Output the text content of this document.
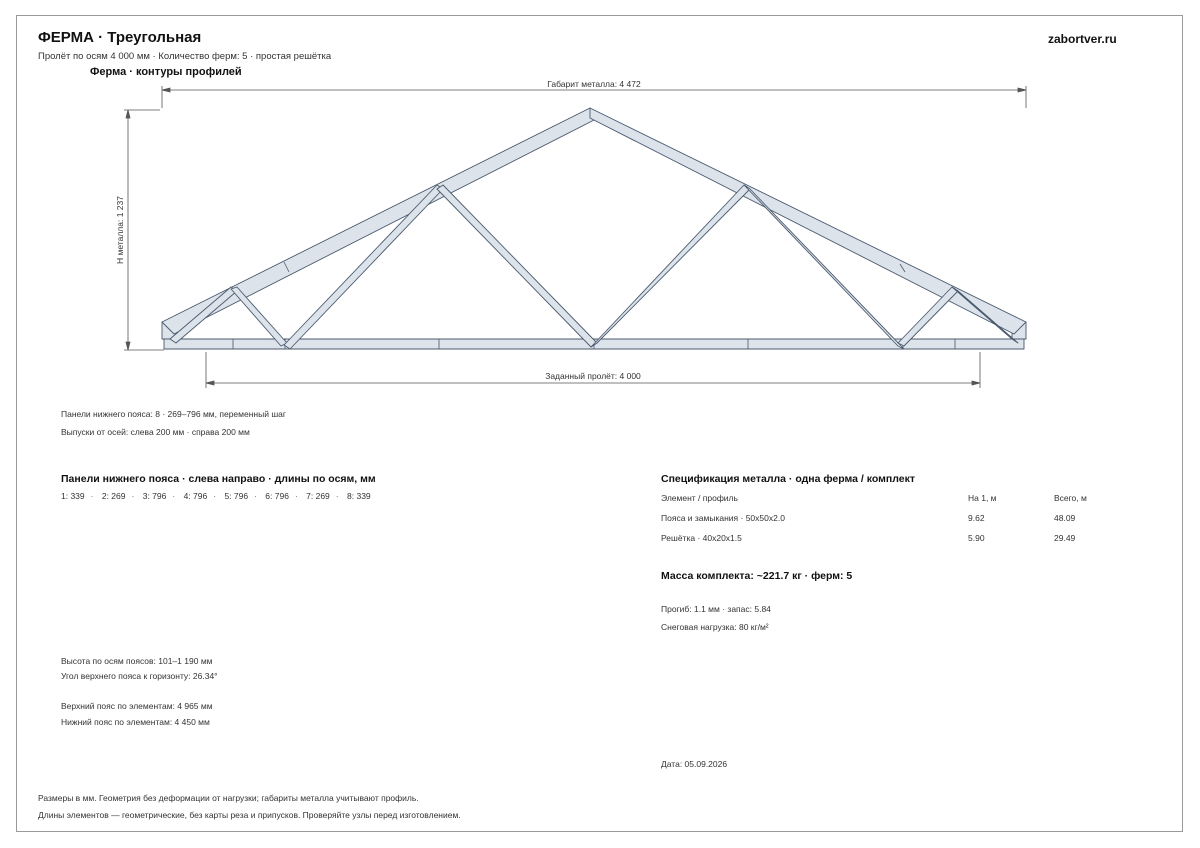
ФЕРМА · Треугольная
Пролёт по осям 4 000 мм · Количество ферм: 5 · простая решётка
zabortver.ru
Ферма · контуры профилей
Габарит металла: 4 472
H металла: 1 237
Заданный пролёт: 4 000
Панели нижнего пояса: 8 · 269–796 мм, переменный шаг
Выпуски от осей: слева 200 мм · справа 200 мм
Панели нижнего пояса · слева направо · длины по осям, мм
1: 339 · 2: 269 · 3: 796 · 4: 796 · 5: 796 · 6: 796 · 7: 269 · 8: 339
Спецификация металла · одна ферма / комплект
Элемент / профиль	На 1, м	Всего, м
Пояса и замыкания · 50x50x2.0	9.62	48.09
Решётка · 40x20x1.5	5.90	29.49
Масса комплекта: ~221.7 кг · ферм: 5
Прогиб: 1.1 мм · запас: 5.84
Снеговая нагрузка: 80 кг/м²
Дата: 05.09.2026
Высота по осям поясов: 101–1 190 мм
Угол верхнего пояса к горизонту: 26.34°
Верхний пояс по элементам: 4 965 мм
Нижний пояс по элементам: 4 450 мм
Размеры в мм. Геометрия без деформации от нагрузки; габариты металла учитывают профиль.
Длины элементов — геометрические, без карты реза и припусков. Проверяйте узлы перед изготовлением.
